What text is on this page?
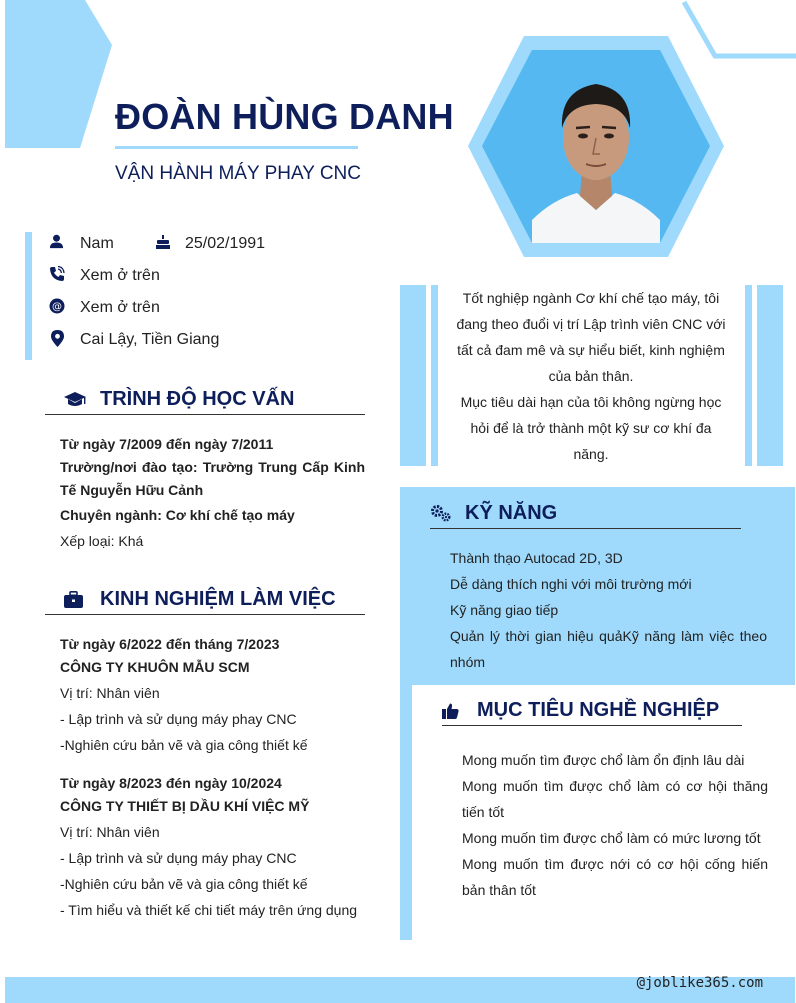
ĐOÀN HÙNG DANH
VẬN HÀNH MÁY PHAY CNC
Nam	25/02/1991
Xem ở trên
@ Xem ở trên
Cai Lậy, Tiền Giang
TRÌNH ĐỘ HỌC VẤN
Từ ngày 7/2009 đến ngày 7/2011
Trường/nơi đào tạo: Trường Trung Cấp Kinh Tế Nguyễn Hữu Cảnh
Chuyên ngành: Cơ khí chế tạo máy
Xếp loại: Khá
KINH NGHIỆM LÀM VIỆC
Từ ngày 6/2022 đến tháng 7/2023
CÔNG TY KHUÔN MẪU SCM
Vị trí: Nhân viên
- Lập trình và sử dụng máy phay CNC
-Nghiên cứu bản vẽ và gia công thiết kế
Từ ngày 8/2023 đén ngày 10/2024
CÔNG TY THIẾT BỊ DẦU KHÍ VIỆC MỸ
Vị trí: Nhân viên
- Lập trình và sử dụng máy phay CNC
-Nghiên cứu bản vẽ và gia công thiết kế
- Tìm hiểu và thiết kế chi tiết máy trên ứng dụng
Tốt nghiệp ngành Cơ khí chế tạo máy, tôi đang theo đuổi vị trí Lập trình viên CNC với tất cả đam mê và sự hiểu biết, kinh nghiệm của bản thân.
Mục tiêu dài hạn của tôi không ngừng học hỏi để là trở thành một kỹ sư cơ khí đa năng.
KỸ NĂNG
Thành thạo Autocad 2D, 3D
Dễ dàng thích nghi với môi trường mới
Kỹ năng giao tiếp
Quản lý thời gian hiệu quảKỹ năng làm việc theo nhóm
MỤC TIÊU NGHỀ NGHIỆP
Mong muốn tìm được chổ làm ổn định lâu dài
Mong muốn tìm được chổ làm có cơ hội thăng tiến tốt
Mong muốn tìm được chổ làm có mức lương tốt
Mong muốn tìm được nới có cơ hội cống hiến bản thân tốt
@joblike365.com
